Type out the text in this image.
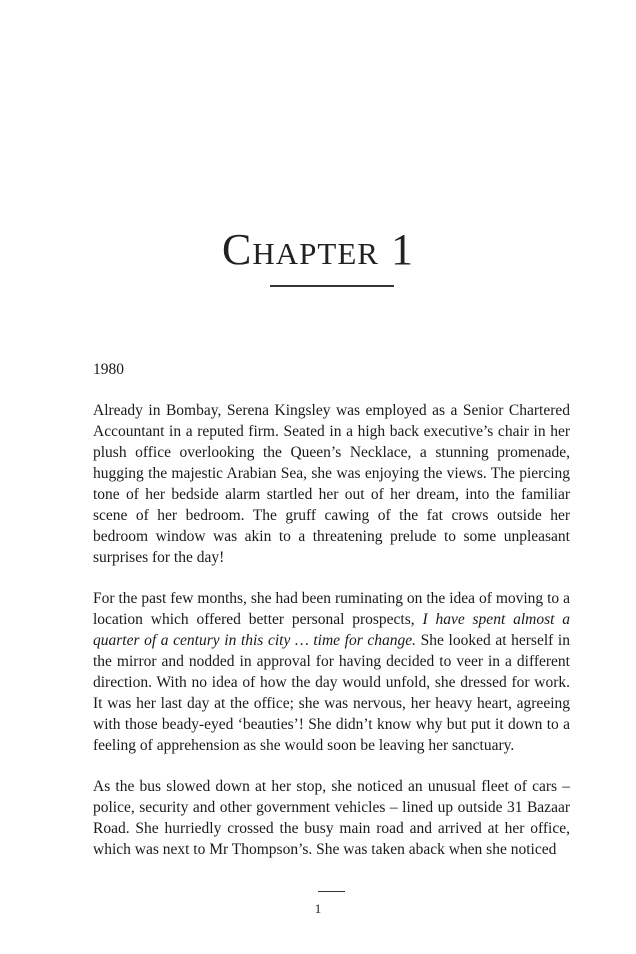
Chapter 1
1980

Already in Bombay, Serena Kingsley was employed as a Senior Chartered Accountant in a reputed firm. Seated in a high back executive’s chair in her plush office overlooking the Queen’s Necklace, a stunning promenade, hugging the majestic Arabian Sea, she was enjoying the views. The piercing tone of her bedside alarm startled her out of her dream, into the familiar scene of her bedroom. The gruff cawing of the fat crows outside her bedroom window was akin to a threatening prelude to some unpleasant surprises for the day!

For the past few months, she had been ruminating on the idea of moving to a location which offered better personal prospects, I have spent almost a quarter of a century in this city … time for change. She looked at herself in the mirror and nodded in approval for having decided to veer in a different direction. With no idea of how the day would unfold, she dressed for work. It was her last day at the office; she was nervous, her heavy heart, agreeing with those beady-eyed ‘beauties’! She didn’t know why but put it down to a feeling of apprehension as she would soon be leaving her sanctuary.

As the bus slowed down at her stop, she noticed an unusual fleet of cars – police, security and other government vehicles – lined up outside 31 Bazaar Road. She hurriedly crossed the busy main road and arrived at her office, which was next to Mr Thompson’s. She was taken aback when she noticed

1
